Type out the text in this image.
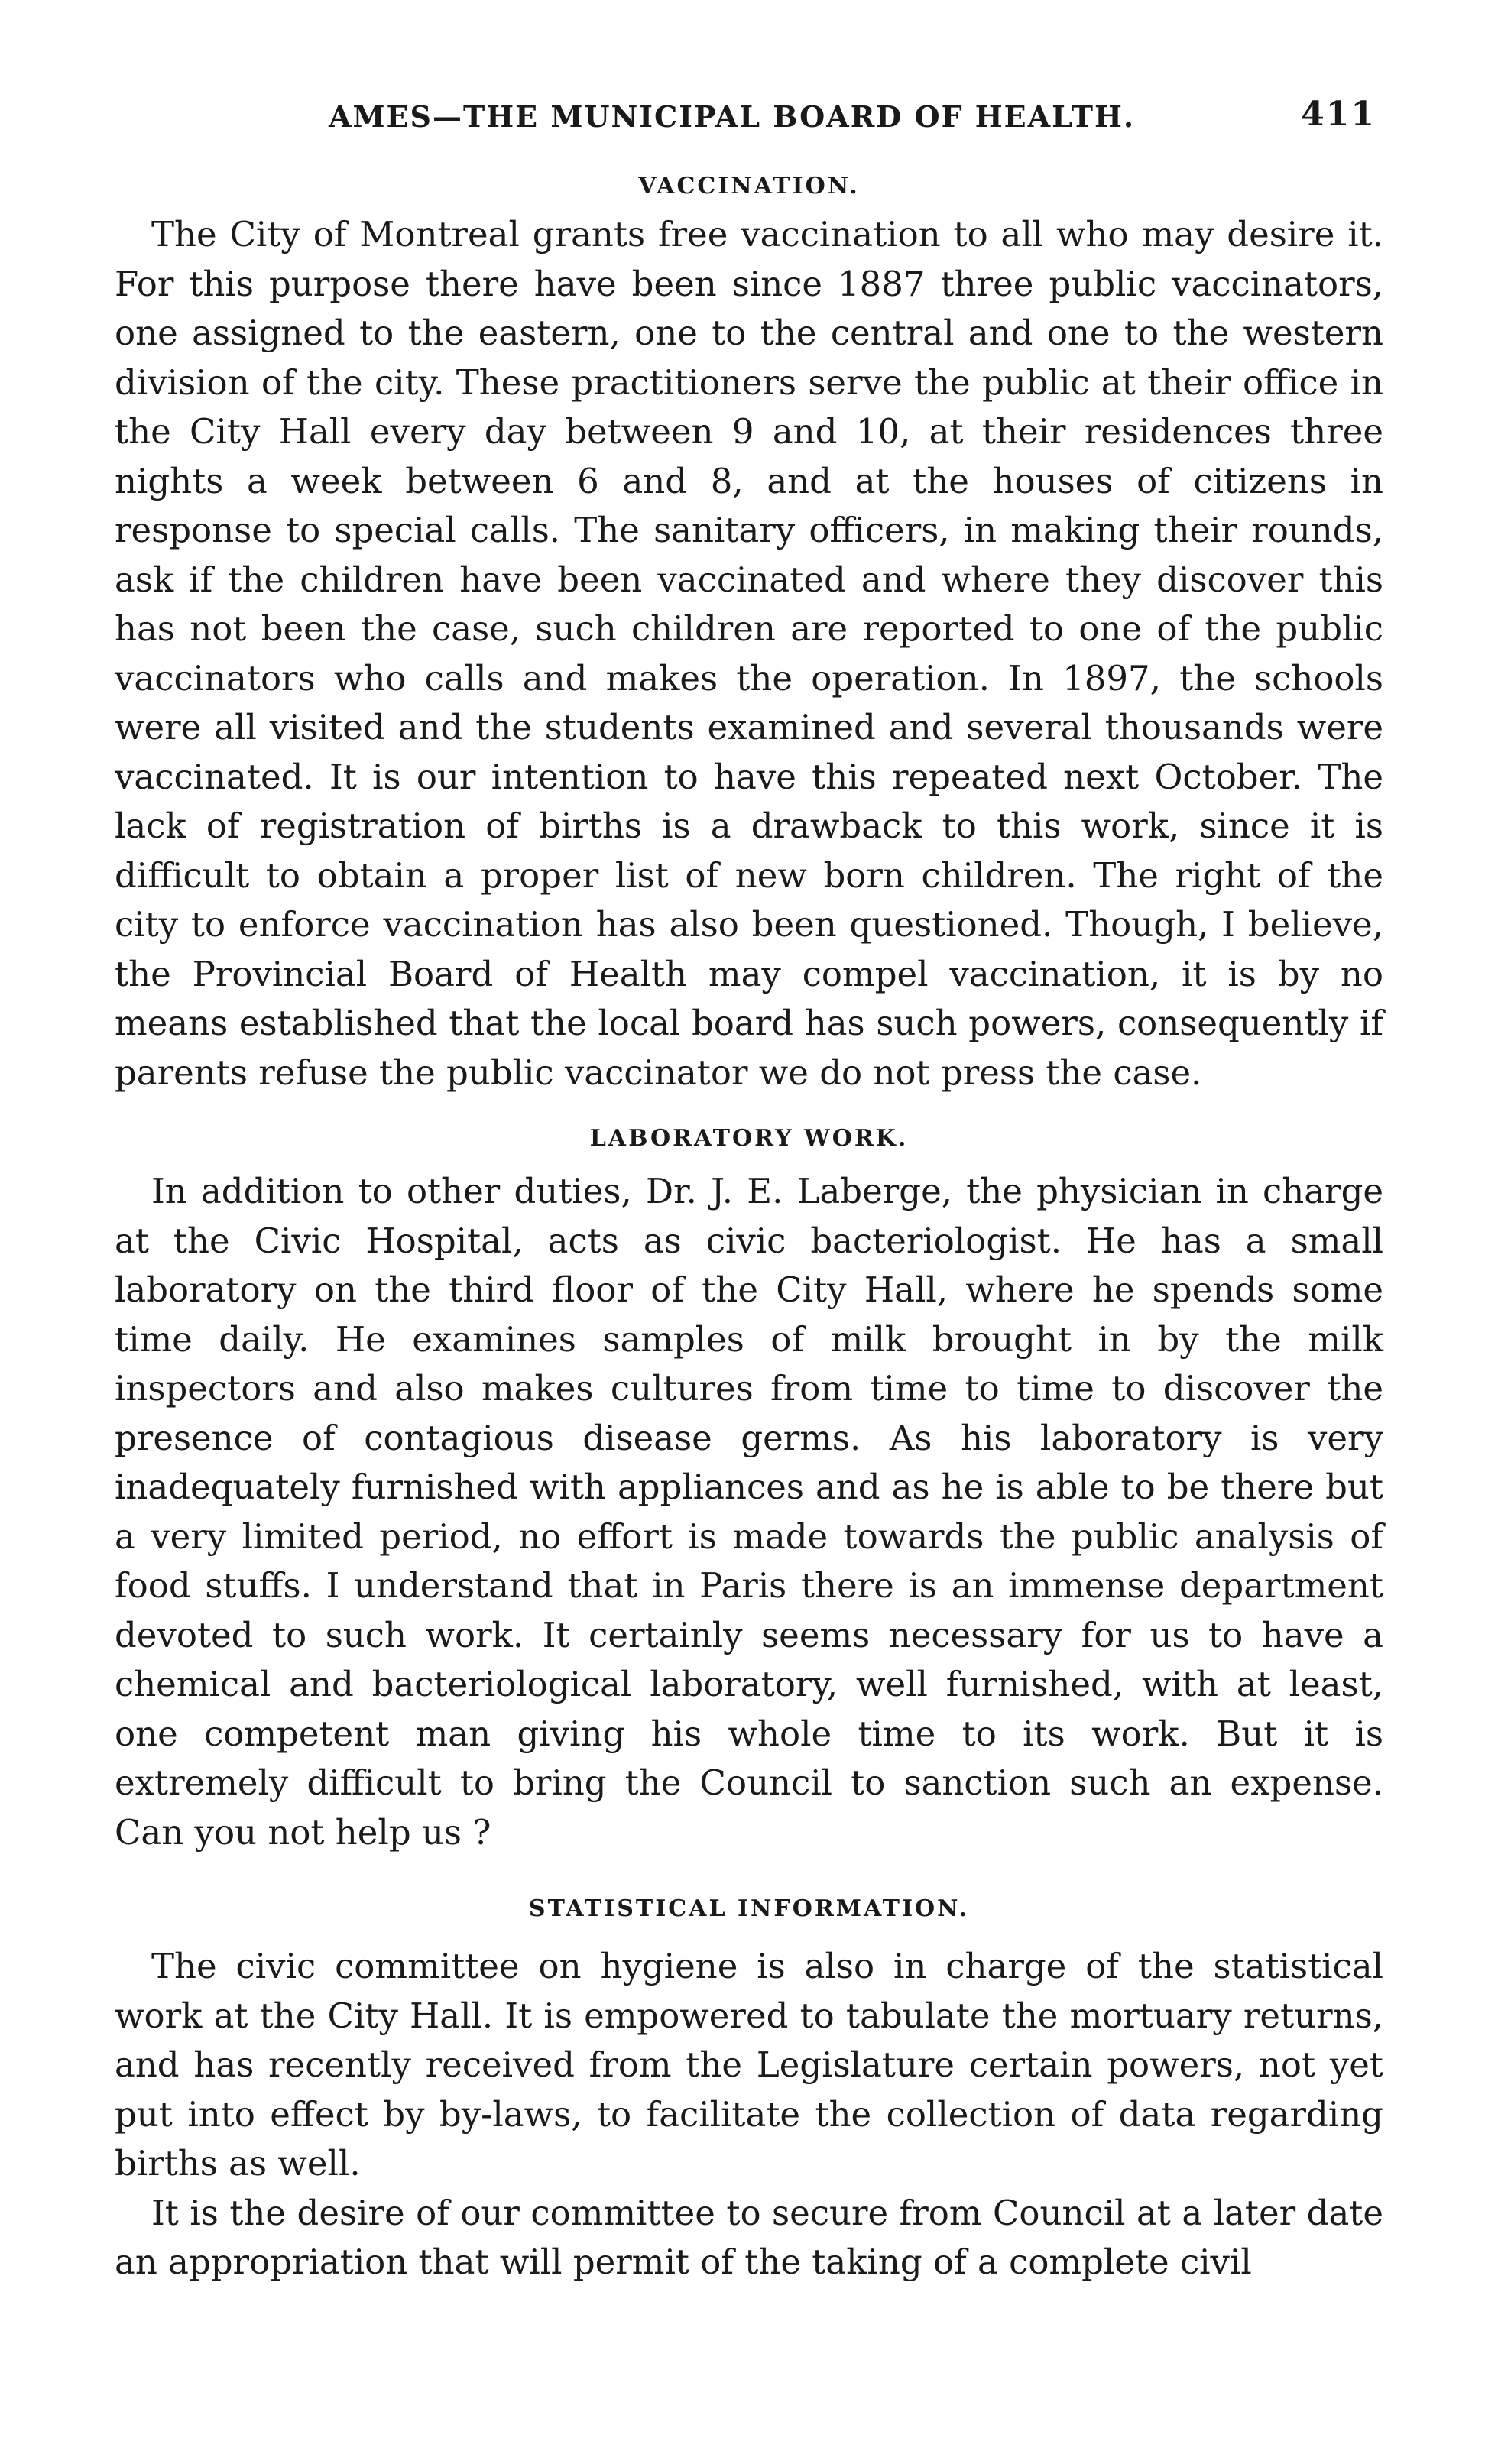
AMES—THE MUNICIPAL BOARD OF HEALTH.	411
VACCINATION.

The City of Montreal grants free vaccination to all who may desire it. For this purpose there have been since 1887 three public vaccinators, one assigned to the eastern, one to the central and one to the western division of the city. These practitioners serve the public at their office in the City Hall every day between 9 and 10, at their residences three nights a week between 6 and 8, and at the houses of citizens in response to special calls. The sanitary officers, in making their rounds, ask if the children have been vaccinated and where they discover this has not been the case, such children are reported to one of the public vaccinators who calls and makes the operation. In 1897, the schools were all visited and the students examined and several thousands were vaccinated. It is our intention to have this repeated next October. The lack of registration of births is a drawback to this work, since it is difficult to obtain a proper list of new born children. The right of the city to enforce vaccination has also been questioned. Though, I believe, the Provincial Board of Health may compel vaccination, it is by no means established that the local board has such powers, consequently if parents refuse the public vaccinator we do not press the case.

LABORATORY WORK.

In addition to other duties, Dr. J. E. Laberge, the physician in charge at the Civic Hospital, acts as civic bacteriologist. He has a small laboratory on the third floor of the City Hall, where he spends some time daily. He examines samples of milk brought in by the milk inspectors and also makes cultures from time to time to discover the presence of contagious disease germs. As his laboratory is very inadequately furnished with appliances and as he is able to be there but a very limited period, no effort is made towards the public analysis of food stuffs. I understand that in Paris there is an immense department devoted to such work. It certainly seems necessary for us to have a chemical and bacteriological laboratory, well furnished, with at least, one competent man giving his whole time to its work. But it is extremely difficult to bring the Council to sanction such an expense. Can you not help us ?

STATISTICAL INFORMATION.

The civic committee on hygiene is also in charge of the statistical work at the City Hall. It is empowered to tabulate the mortuary returns, and has recently received from the Legislature certain powers, not yet put into effect by by-laws, to facilitate the collection of data regarding births as well.

It is the desire of our committee to secure from Council at a later date an appropriation that will permit of the taking of a complete civil
